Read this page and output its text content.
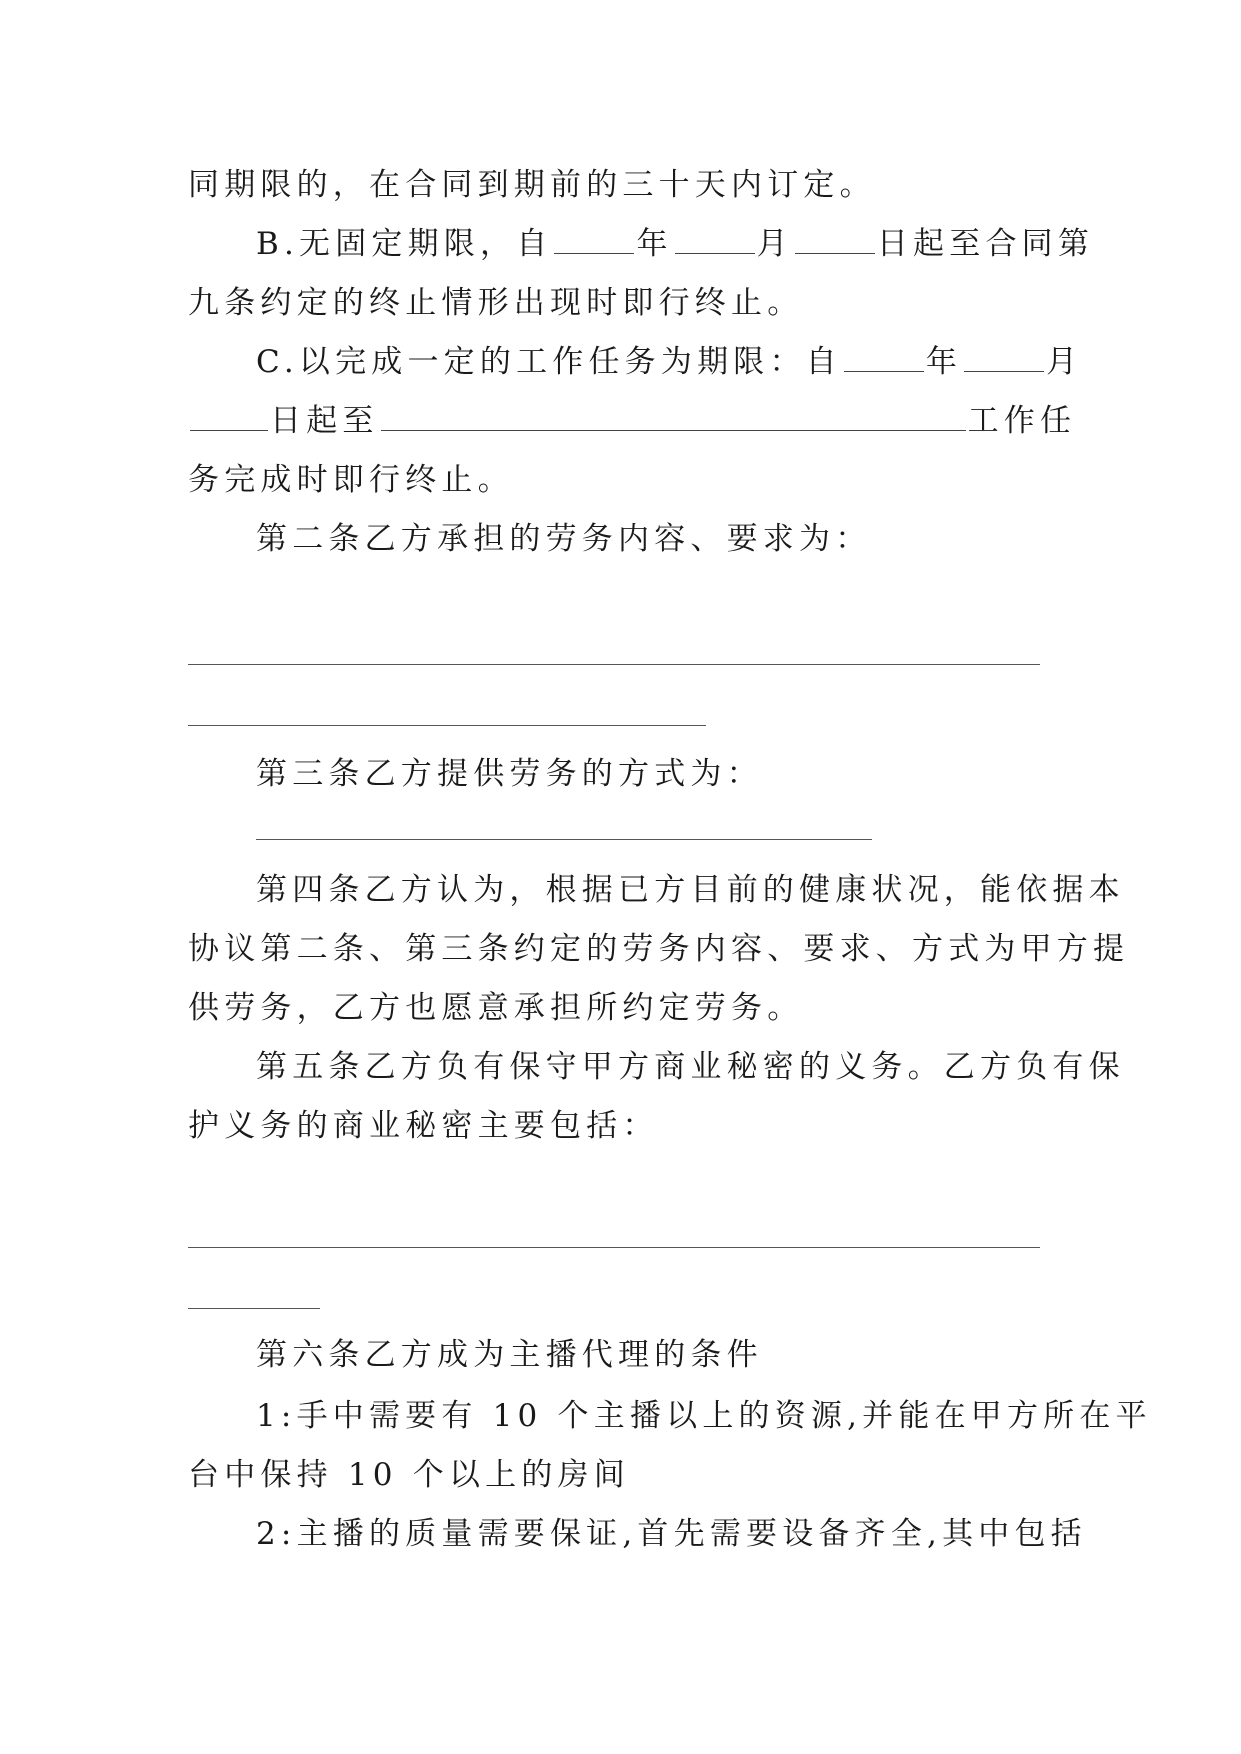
同期限的，在合同到期前的三十天内订定。
B.无固定期限，自	年	月	日起至合同第
九条约定的终止情形出现时即行终止。
C.以完成一定的工作任务为期限：自	年	月
日起至	工作任
务完成时即行终止。
第二条乙方承担的劳务内容、要求为：
第三条乙方提供劳务的方式为：
第四条乙方认为，根据已方目前的健康状况，能依据本
协议第二条、第三条约定的劳务内容、要求、方式为甲方提
供劳务，乙方也愿意承担所约定劳务。
第五条乙方负有保守甲方商业秘密的义务。乙方负有保
护义务的商业秘密主要包括：
第六条乙方成为主播代理的条件
1:手中需要有 10 个主播以上的资源,并能在甲方所在平
台中保持 10 个以上的房间
2:主播的质量需要保证,首先需要设备齐全,其中包括
